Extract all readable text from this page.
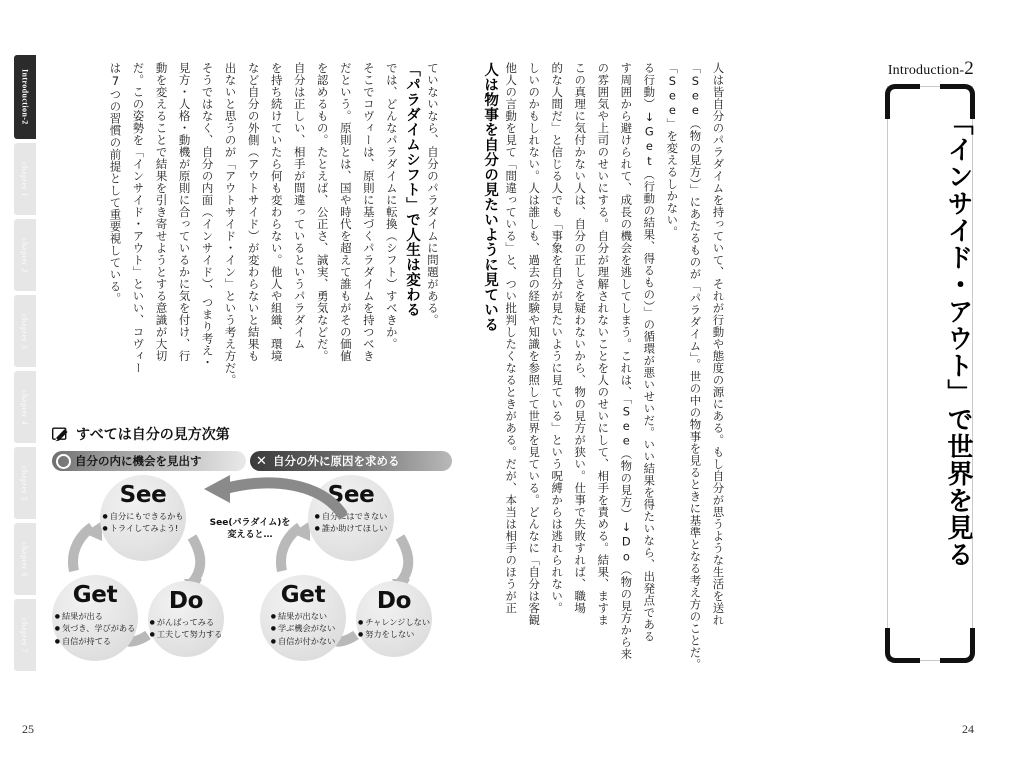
Introduction-2
chapter 1
chapter 2
chapter 3
chapter 4
chapter 5
chapter 6
chapter 7
Introduction-2
「インサイド・アウト」で世界を見る
人は物事を自分の見たいように見ている 他人の言動を見て「間違っている」と、つい批判したくなるときがある。だが、本当は相手のほうが正 しいのかもしれない。人は誰しも、過去の経験や知識を参照して世界を見ている。どんなに「自分は客観 的な人間だ」と信じる人でも「事象を自分が見たいように見ている」という呪縛からは逃れられない。 この真理に気付かない人は、自分の正しさを疑わないから、物の見方が狭い。仕事で失敗すれば、職場 の雰囲気や上司のせいにする。自分が理解されないことを人のせいにして、相手を責める。結果、ますま す周囲から避けられて、成長の機会を逃してしまう。これは、「See（物の見方）↓Do（物の見方から来 る行動）↓Get（行動の結果、得るもの）」の循環が悪いせいだ。いい結果を得たいなら、出発点である 「See」を変えるしかない。 「See（物の見方）」にあたるものが「パラダイム」。世の中の物事を見るときに基準となる考え方のことだ。 人は皆自分のパラダイムを持っていて、それが行動や態度の源にある。もし自分が思うような生活を送れ
ていないなら、自分のパラダイムに問題がある。
「パラダイムシフト」で人生は変わる
では、どんなパラダイムに転換（シフト）すべきか。
そこでコヴィーは、原則に基づくパラダイムを持つべき
だという。原則とは、国や時代を超えて誰もがその価値
を認めるもの。たとえば、公正さ、誠実、勇気などだ。
自分は正しい、相手が間違っているというパラダイム
を持ち続けていたら何も変わらない。他人や組織、環境
など自分の外側（アウトサイド）が変わらないと結果も
出ないと思うのが「アウトサイド・イン」という考え方だ。
そうではなく、自分の内面（インサイド）、つまり考え・
見方・人格・動機が原則に合っているかに気を付け、行
動を変えることで結果を引き寄せようとする意識が大切
だ。この姿勢を「インサイド・アウト」といい、コヴィー
は7つの習慣の前提として重要視している。
すべては自分の見方次第
自分の内に機会を見出す	✕ 自分の外に原因を求める
See(パラダイム)を
変えると…
See
● 自分にもできるかも
● トライしてみよう!
Do
● がんばってみる
● 工夫して努力する
Get
● 結果が出る
● 気づき、学びがある
● 自信が持てる
See
● 自分にはできない
● 誰か助けてほしい
Do
● チャレンジしない
● 努力をしない
Get
● 結果が出ない
● 学ぶ機会がない
● 自信が付かない
25	24
